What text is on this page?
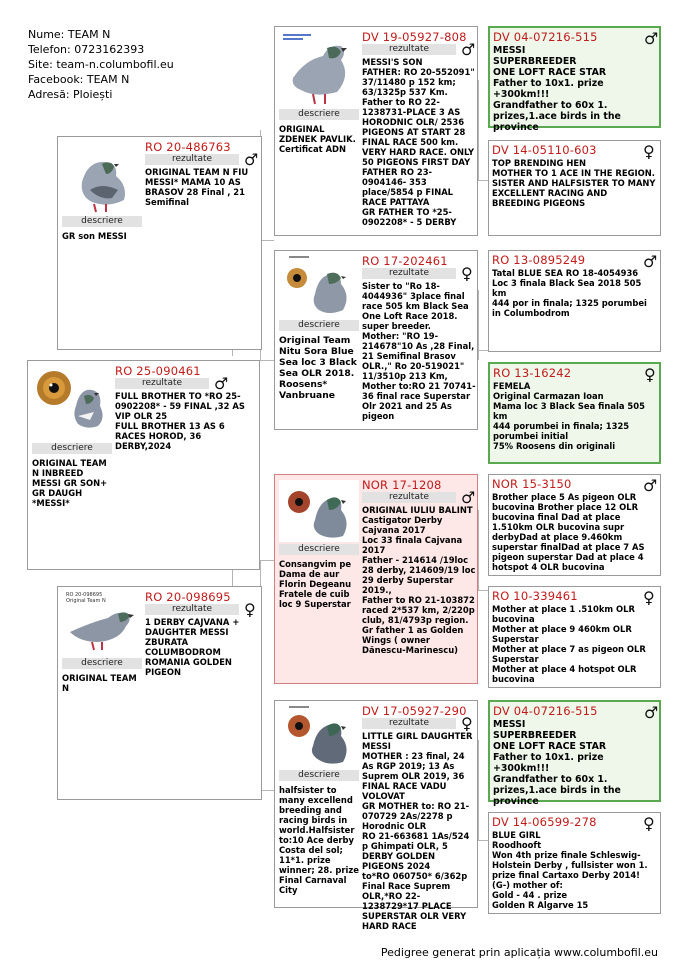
Nume: TEAM N
Telefon: 0723162393
Site: team-n.columbofil.eu
Facebook: TEAM N
Adresă: Ploiești
RO 25-090461
♂
rezultate
descriere
FULL BROTHER TO *RO 25-0902208* - 59 FINAL ,32 AS VIP OLR 25
FULL BROTHER 13 AS 6 RACES HOROD, 36 DERBY,2024
ORIGINAL TEAM N INBREED MESSI GR SON+ GR DAUGH *MESSI*
RO 20-486763
♂
rezultate
descriere
ORIGINAL TEAM N FIU MESSI* MAMA 10 AS BRASOV 28 Final , 21 Semifinal
GR son MESSI
RO 20-098695
♀
rezultate
RO 20-098695
Original Team N
descriere
1 DERBY CAJVANA + DAUGHTER MESSI ZBURATA COLUMBODROM ROMANIA GOLDEN PIGEON
ORIGINAL TEAM N
DV 19-05927-808
♂
rezultate
descriere
MESSI'S SON
FATHER: RO 20-552091" 37/11480 p 152 km; 63/1325p 537 Km.
Father to RO 22-1238731-PLACE 3 AS HORODNIC OLR/ 2536 PIGEONS AT START 28 FINAL RACE 500 km. VERY HARD RACE. ONLY 50 PIGEONS FIRST DAY
FATHER RO 23-0904146- 353 place/5854 p FINAL RACE PATTAYA
GR FATHER TO *25-0902208* - 5 DERBY
ORIGINAL ZDENEK PAVLIK. Certificat ADN
RO 17-202461
♀
rezultate
descriere
Sister to "Ro 18-4044936" 3place final race 505 km Black Sea One Loft Race 2018. super breeder.
Mother: "RO 19-214678"10 As ,28 Final, 21 Semifinal Brasov OLR.," Ro 20-519021" 11/3510p 213 Km, Mother to:RO 21 70741- 36 final race Superstar Olr 2021 and 25 As pigeon
Original Team Nitu Sora Blue Sea loc 3 Black Sea OLR 2018. Roosens* Vanbruane
NOR 17-1208
♂
rezultate
descriere
ORIGINAL IULIU BALINT
Castigator Derby Cajvana 2017
Loc 33 finala Cajvana 2017
Father - 214614 /19loc 28 derby, 214609/19 loc 29 derby Superstar 2019.,
Father to RO 21-103872 raced 2*537 km, 2/220p club, 81/4793p region.
Gr father 1 as Golden Wings ( owner Dănescu-Marinescu)
Consangvim pe Dama de aur Florin Degeanu Fratele de cuib loc 9 Superstar
DV 17-05927-290
♀
rezultate
descriere
LITTLE GIRL DAUGHTER MESSI
MOTHER : 23 final, 24 As RGP 2019; 13 As Suprem OLR 2019, 36 FINAL RACE VADU VOLOVAT
GR MOTHER to: RO 21-070729 2As/2278 p Horodnic OLR
RO 21-663681 1As/524 p Ghimpati OLR, 5 DERBY GOLDEN PIGEONS 2024
to*RO 060750* 6/362p Final Race Suprem OLR,*RO 22-1238729*17 PLACE SUPERSTAR OLR VERY HARD RACE
halfsister to many excellend breeding and racing birds in world.Halfsister to:10 Ace derby Costa del sol; 11*1. prize winner; 28. prize Final Carnaval City
DV 04-07216-515	♂
MESSI
SUPERBREEDER
ONE LOFT RACE STAR
Father to 10x1. prize +300km!!!
Grandfather to 60x 1. prizes,1.ace birds in the province
DV 14-05110-603	♀
TOP BRENDING HEN
MOTHER TO 1 ACE IN THE REGION. SISTER AND HALFSISTER TO MANY EXCELLENT RACING AND BREEDING PIGEONS
RO 13-0895249	♂
Tatal BLUE SEA RO 18-4054936
Loc 3 finala Black Sea 2018 505 km
444 por in finala; 1325 porumbei in Columbodrom
RO 13-16242	♀
FEMELA
Original Carmazan Ioan
Mama loc 3 Black Sea finala 505 km
444 porumbei in finala; 1325 porumbei initial
75% Roosens din originali
NOR 15-3150	♂
Brother place 5 As pigeon OLR bucovina Brother place 12 OLR bucovina final Dad at place 1.510km OLR bucovina supr derbyDad at place 9.460km superstar finalDad at place 7 AS pigeon superstar Dad at place 4 hotspot 4 OLR bucovina
RO 10-339461	♀
Mother at place 1 .510km OLR bucovina
Mother at place 9 460km OLR Superstar
Mother at place 7 as pigeon OLR Superstar
Mother at place 4 hotspot OLR bucovina
DV 04-07216-515	♂
MESSI
SUPERBREEDER
ONE LOFT RACE STAR
Father to 10x1. prize +300km!!!
Grandfather to 60x 1. prizes,1.ace birds in the province
DV 14-06599-278	♀
BLUE GIRL
Roodhooft
Won 4th prize finale Schleswig-Holstein Derby , fullsister won 1.
prize final Cartaxo Derby 2014!
(G-) mother of:
Gold - 44 . prize
Golden R Algarve 15
Pedigree generat prin aplicația www.columbofil.eu
